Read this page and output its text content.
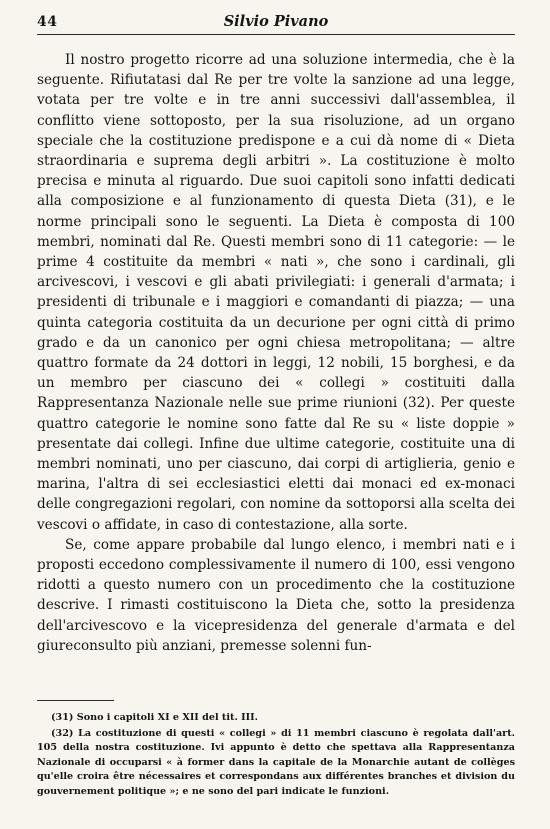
44	Silvio Pivano

Il nostro progetto ricorre ad una soluzione intermedia, che è la seguente. Rifiutatasi dal Re per tre volte la sanzione ad una legge, votata per tre volte e in tre anni successivi dall'assemblea, il conflitto viene sottoposto, per la sua risoluzione, ad un organo speciale che la costituzione predispone e a cui dà nome di « Dieta straordinaria e suprema degli arbitri ». La costituzione è molto precisa e minuta al riguardo. Due suoi capitoli sono infatti dedicati alla composizione e al funzionamento di questa Dieta (31), e le norme principali sono le seguenti. La Dieta è composta di 100 membri, nominati dal Re. Questi membri sono di 11 categorie: — le prime 4 costituite da membri « nati », che sono i cardinali, gli arcivescovi, i vescovi e gli abati privilegiati: i generali d'armata; i presidenti di tribunale e i maggiori e comandanti di piazza; — una quinta categoria costituita da un decurione per ogni città di primo grado e da un canonico per ogni chiesa metropolitana; — altre quattro formate da 24 dottori in leggi, 12 nobili, 15 borghesi, e da un membro per ciascuno dei « collegi » costituiti dalla Rappresentanza Nazionale nelle sue prime riunioni (32). Per queste quattro categorie le nomine sono fatte dal Re su « liste doppie » presentate dai collegi. Infine due ultime categorie, costituite una di membri nominati, uno per ciascuno, dai corpi di artiglieria, genio e marina, l'altra di sei ecclesiastici eletti dai monaci ed ex-monaci delle congregazioni regolari, con nomine da sottoporsi alla scelta dei vescovi o affidate, in caso di contestazione, alla sorte.

Se, come appare probabile dal lungo elenco, i membri nati e i proposti eccedono complessivamente il numero di 100, essi vengono ridotti a questo numero con un procedimento che la costituzione descrive. I rimasti costituiscono la Dieta che, sotto la presidenza dell'arcivescovo e la vicepresidenza del generale d'armata e del giureconsulto più anziani, premesse solenni fun-

(31) Sono i capitoli XI e XII del tit. III.

(32) La costituzione di questi « collegi » di 11 membri ciascuno è regolata dall'art. 105 della nostra costituzione. Ivi appunto è detto che spettava alla Rappresentanza Nazionale di occuparsi « à former dans la capitale de la Monarchie autant de collèges qu'elle croira être nécessaires et correspondans aux différentes branches et division du gouvernement politique »; e ne sono del pari indicate le funzioni.
